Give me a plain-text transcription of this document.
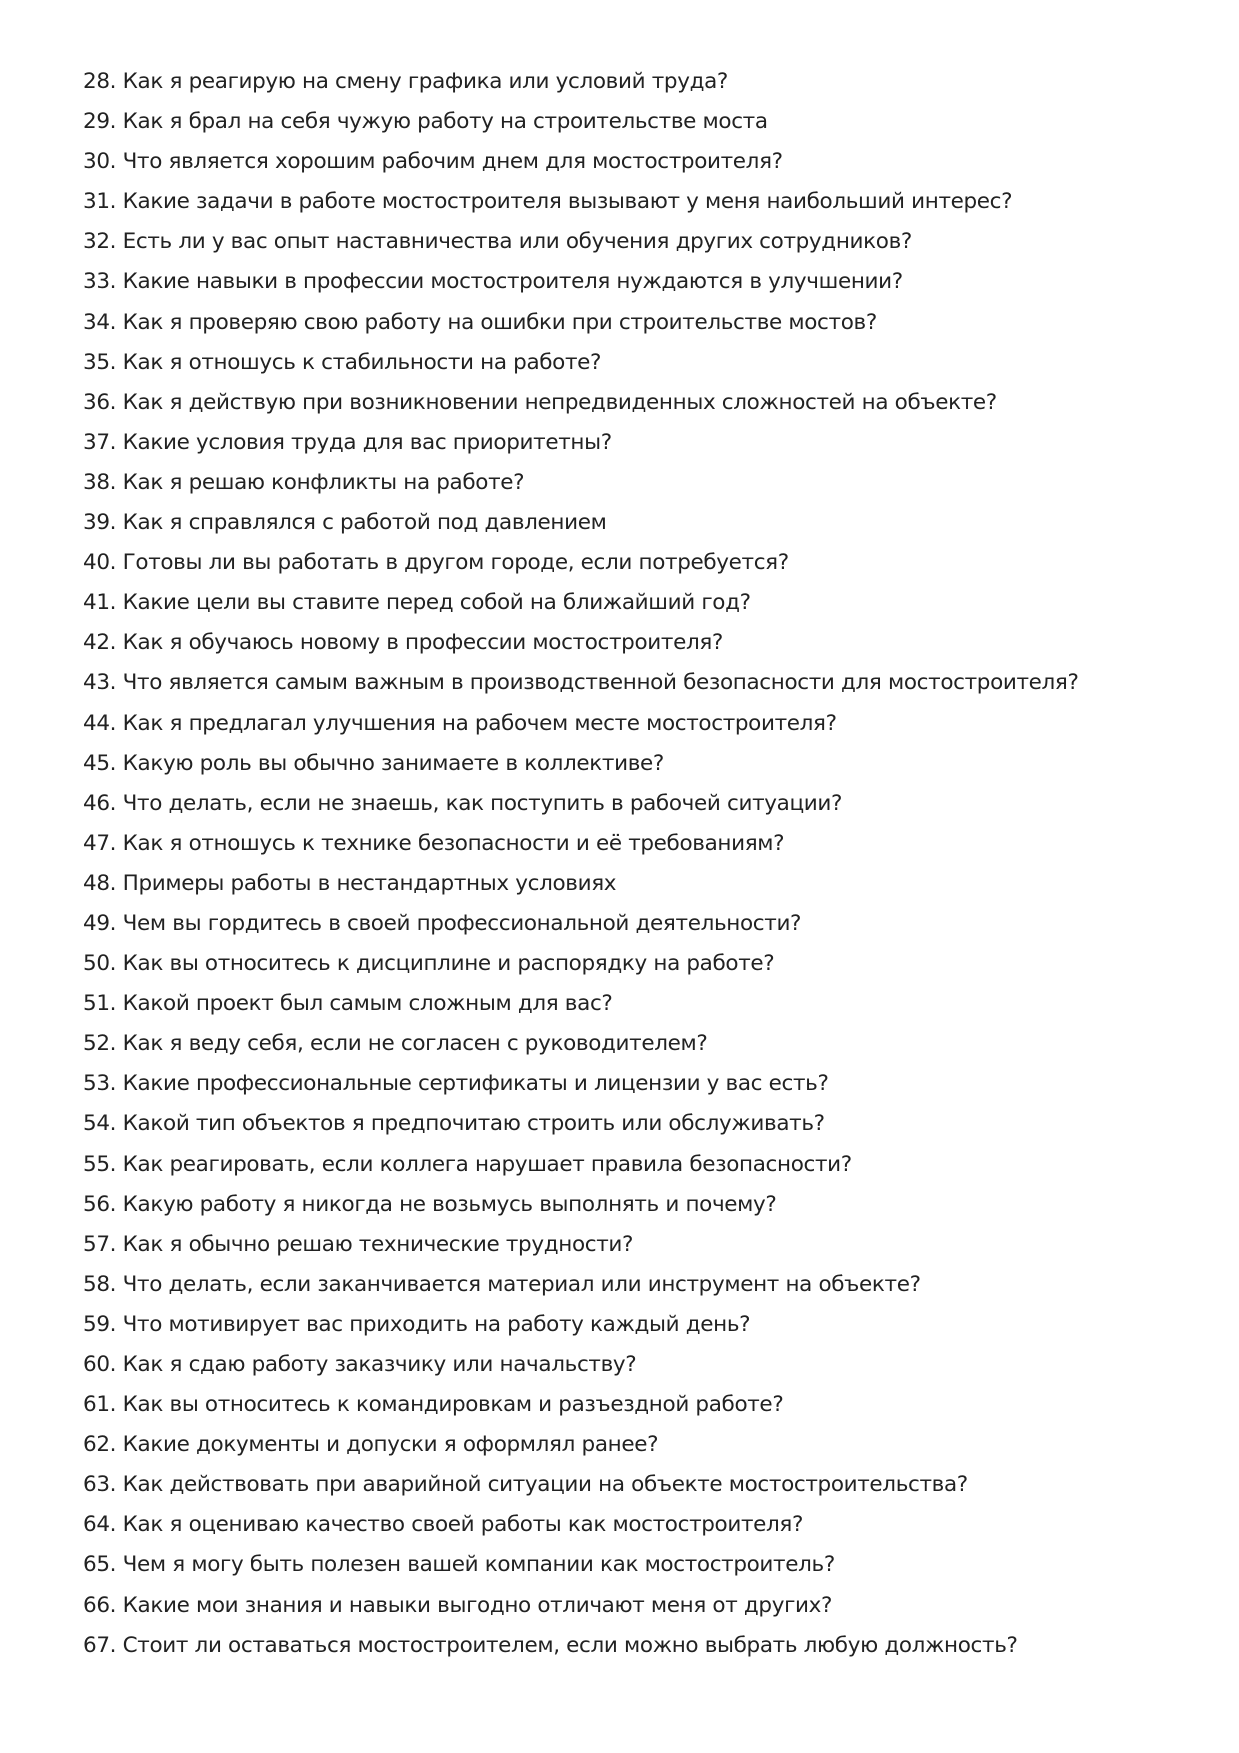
28. Как я реагирую на смену графика или условий труда?
29. Как я брал на себя чужую работу на строительстве моста
30. Что является хорошим рабочим днем для мостостроителя?
31. Какие задачи в работе мостостроителя вызывают у меня наибольший интерес?
32. Есть ли у вас опыт наставничества или обучения других сотрудников?
33. Какие навыки в профессии мостостроителя нуждаются в улучшении?
34. Как я проверяю свою работу на ошибки при строительстве мостов?
35. Как я отношусь к стабильности на работе?
36. Как я действую при возникновении непредвиденных сложностей на объекте?
37. Какие условия труда для вас приоритетны?
38. Как я решаю конфликты на работе?
39. Как я справлялся с работой под давлением
40. Готовы ли вы работать в другом городе, если потребуется?
41. Какие цели вы ставите перед собой на ближайший год?
42. Как я обучаюсь новому в профессии мостостроителя?
43. Что является самым важным в производственной безопасности для мостостроителя?
44. Как я предлагал улучшения на рабочем месте мостостроителя?
45. Какую роль вы обычно занимаете в коллективе?
46. Что делать, если не знаешь, как поступить в рабочей ситуации?
47. Как я отношусь к технике безопасности и её требованиям?
48. Примеры работы в нестандартных условиях
49. Чем вы гордитесь в своей профессиональной деятельности?
50. Как вы относитесь к дисциплине и распорядку на работе?
51. Какой проект был самым сложным для вас?
52. Как я веду себя, если не согласен с руководителем?
53. Какие профессиональные сертификаты и лицензии у вас есть?
54. Какой тип объектов я предпочитаю строить или обслуживать?
55. Как реагировать, если коллега нарушает правила безопасности?
56. Какую работу я никогда не возьмусь выполнять и почему?
57. Как я обычно решаю технические трудности?
58. Что делать, если заканчивается материал или инструмент на объекте?
59. Что мотивирует вас приходить на работу каждый день?
60. Как я сдаю работу заказчику или начальству?
61. Как вы относитесь к командировкам и разъездной работе?
62. Какие документы и допуски я оформлял ранее?
63. Как действовать при аварийной ситуации на объекте мостостроительства?
64. Как я оцениваю качество своей работы как мостостроителя?
65. Чем я могу быть полезен вашей компании как мостостроитель?
66. Какие мои знания и навыки выгодно отличают меня от других?
67. Стоит ли оставаться мостостроителем, если можно выбрать любую должность?
